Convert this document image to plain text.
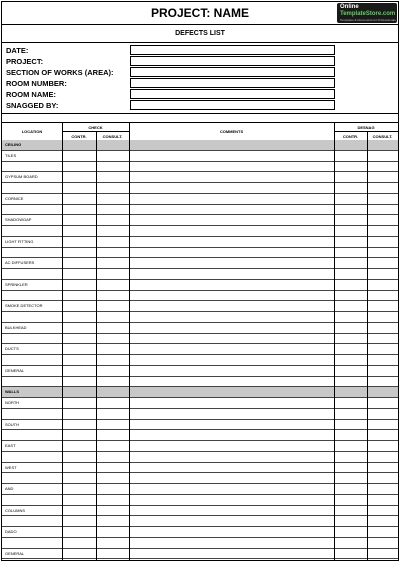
PROJECT: NAME	Online
TemplateStore.com
Templates & Documents for Professionals
DEFECTS LIST
DATE:
PROJECT:
SECTION OF WORKS (AREA):
ROOM NUMBER:
ROOM NAME:
SNAGGED BY:
LOCATION
CHECK
CONTR.	CONSULT.
COMMENTS
DESNAG
CONTR.	CONSULT.
CEILING
TILES
GYPSUM BOARD
CORNICE
SHADOWGAP
LIGHT FITTING
AC DIFFUSERS
SPRINKLER
SMOKE DETECTOR
BULKHEAD
DUCTS
GENERAL
WALLS
NORTH
SOUTH
EAST
WEST
AND
COLUMNS
DADO
GENERAL
